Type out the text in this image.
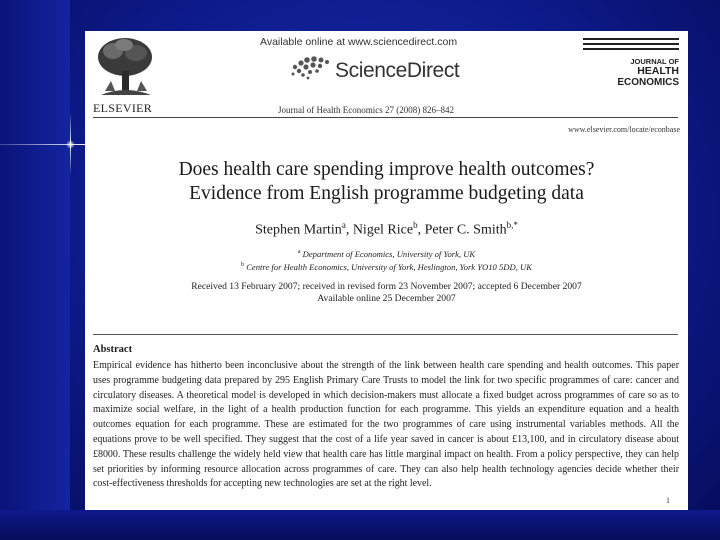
ELSEVIER
Available online at www.sciencedirect.com
ScienceDirect
Journal of Health Economics 27 (2008) 826–842
JOURNAL OF
HEALTH
ECONOMICS
www.elsevier.com/locate/econbase
Does health care spending improve health outcomes?
Evidence from English programme budgeting data
Stephen Martin$^a$, Nigel Rice$^b$, Peter C. Smith$^{b,*}$
$^a$ Department of Economics, University of York, UK
$^b$ Centre for Health Economics, University of York, Heslington, York YO10 5DD, UK
Received 13 February 2007; received in revised form 23 November 2007; accepted 6 December 2007
Available online 25 December 2007
Abstract

Empirical evidence has hitherto been inconclusive about the strength of the link between health care spending and health outcomes. This paper uses programme budgeting data prepared by 295 English Primary Care Trusts to model the link for two specific programmes of care: cancer and circulatory diseases. A theoretical model is developed in which decision-makers must allocate a fixed budget across programmes of care so as to maximize social welfare, in the light of a health production function for each programme. This yields an expenditure equation and a health outcomes equation for each programme. These are estimated for the two programmes of care using instrumental variables methods. All the equations prove to be well specified. They suggest that the cost of a life year saved in cancer is about £13,100, and in circulatory disease about £8000. These results challenge the widely held view that health care has little marginal impact on health. From a policy perspective, they can help set priorities by informing resource allocation across programmes of care. They can also help health technology agencies decide whether their cost-effectiveness thresholds for accepting new technologies are set at the right level.

1
